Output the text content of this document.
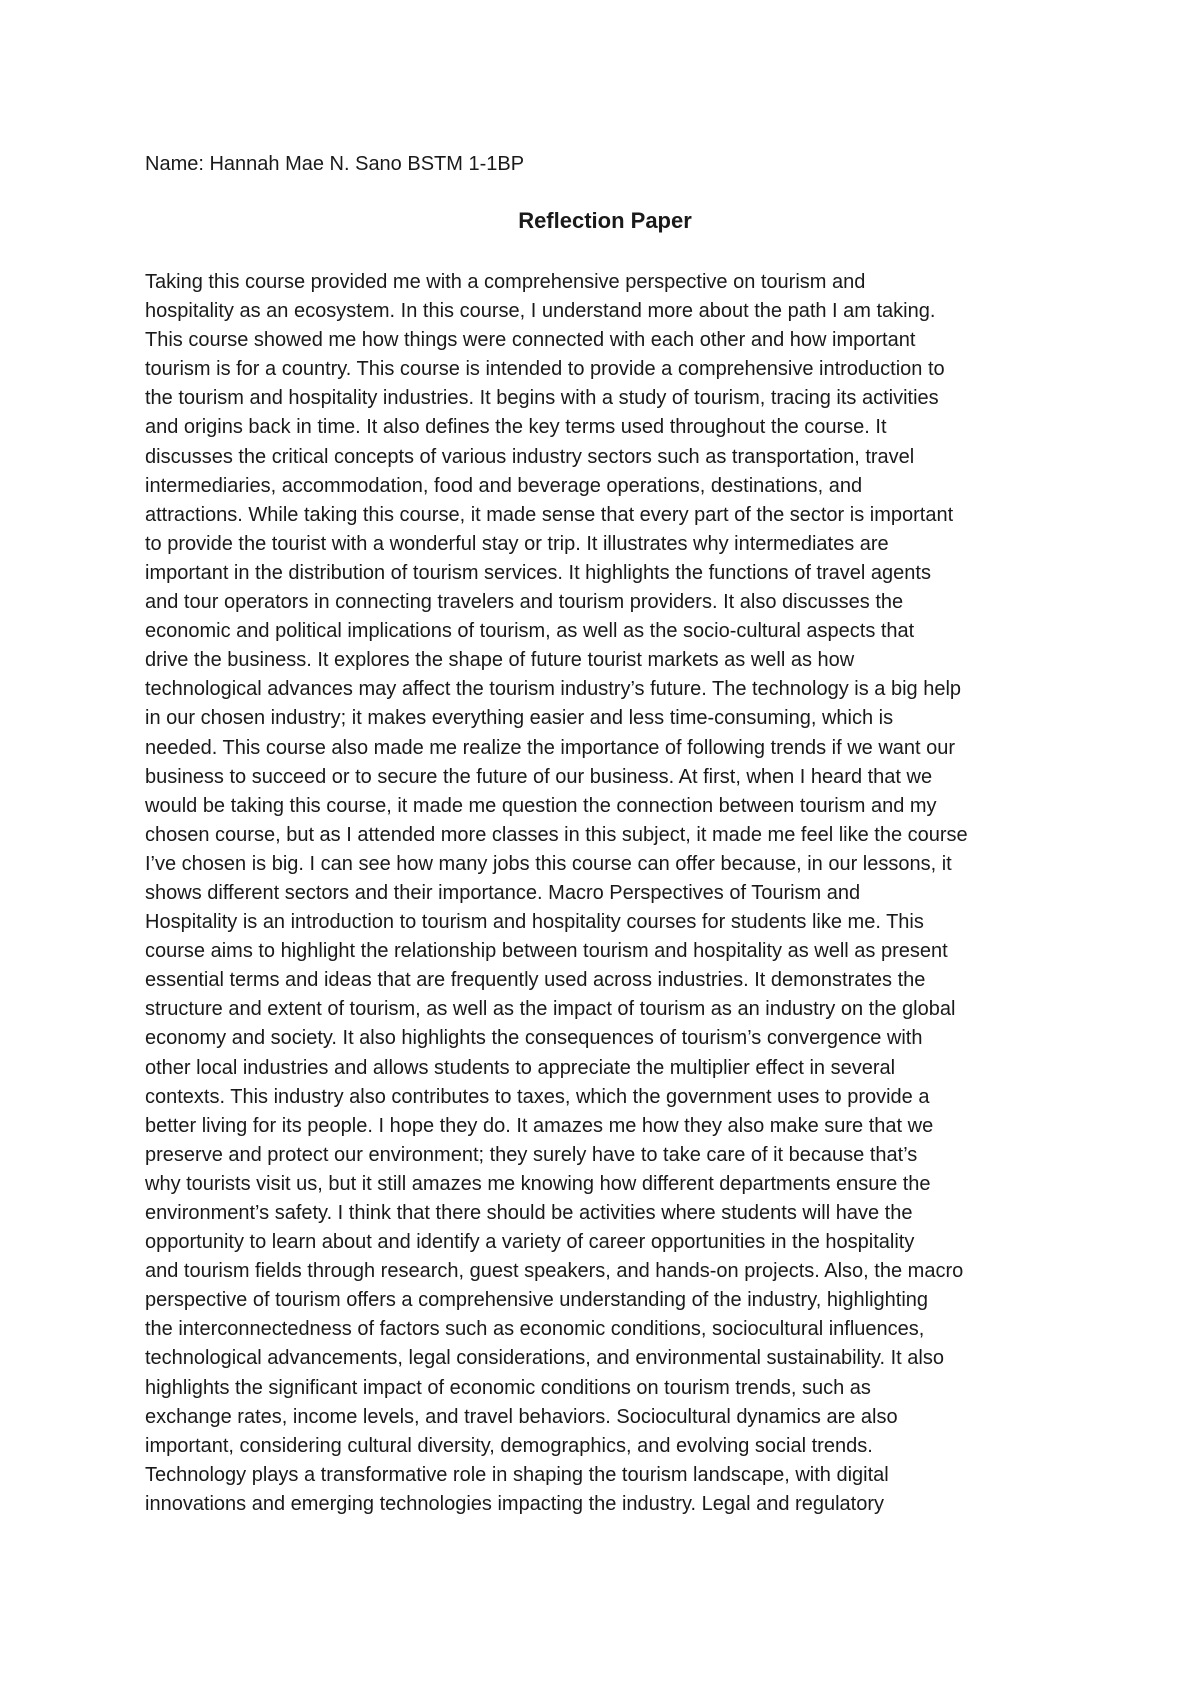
Name: Hannah Mae N. Sano BSTM 1-1BP

Reflection Paper
Taking this course provided me with a comprehensive perspective on tourism and
hospitality as an ecosystem. In this course, I understand more about the path I am taking.
This course showed me how things were connected with each other and how important
tourism is for a country. This course is intended to provide a comprehensive introduction to
the tourism and hospitality industries. It begins with a study of tourism, tracing its activities
and origins back in time. It also defines the key terms used throughout the course. It
discusses the critical concepts of various industry sectors such as transportation, travel
intermediaries, accommodation, food and beverage operations, destinations, and
attractions. While taking this course, it made sense that every part of the sector is important
to provide the tourist with a wonderful stay or trip. It illustrates why intermediates are
important in the distribution of tourism services. It highlights the functions of travel agents
and tour operators in connecting travelers and tourism providers. It also discusses the
economic and political implications of tourism, as well as the socio-cultural aspects that
drive the business. It explores the shape of future tourist markets as well as how
technological advances may affect the tourism industry’s future. The technology is a big help
in our chosen industry; it makes everything easier and less time-consuming, which is
needed. This course also made me realize the importance of following trends if we want our
business to succeed or to secure the future of our business. At first, when I heard that we
would be taking this course, it made me question the connection between tourism and my
chosen course, but as I attended more classes in this subject, it made me feel like the course
I’ve chosen is big. I can see how many jobs this course can offer because, in our lessons, it
shows different sectors and their importance. Macro Perspectives of Tourism and
Hospitality is an introduction to tourism and hospitality courses for students like me. This
course aims to highlight the relationship between tourism and hospitality as well as present
essential terms and ideas that are frequently used across industries. It demonstrates the
structure and extent of tourism, as well as the impact of tourism as an industry on the global
economy and society. It also highlights the consequences of tourism’s convergence with
other local industries and allows students to appreciate the multiplier effect in several
contexts. This industry also contributes to taxes, which the government uses to provide a
better living for its people. I hope they do. It amazes me how they also make sure that we
preserve and protect our environment; they surely have to take care of it because that’s
why tourists visit us, but it still amazes me knowing how different departments ensure the
environment’s safety. I think that there should be activities where students will have the
opportunity to learn about and identify a variety of career opportunities in the hospitality
and tourism fields through research, guest speakers, and hands-on projects. Also, the macro
perspective of tourism offers a comprehensive understanding of the industry, highlighting
the interconnectedness of factors such as economic conditions, sociocultural influences,
technological advancements, legal considerations, and environmental sustainability. It also
highlights the significant impact of economic conditions on tourism trends, such as
exchange rates, income levels, and travel behaviors. Sociocultural dynamics are also
important, considering cultural diversity, demographics, and evolving social trends.
Technology plays a transformative role in shaping the tourism landscape, with digital
innovations and emerging technologies impacting the industry. Legal and regulatory
